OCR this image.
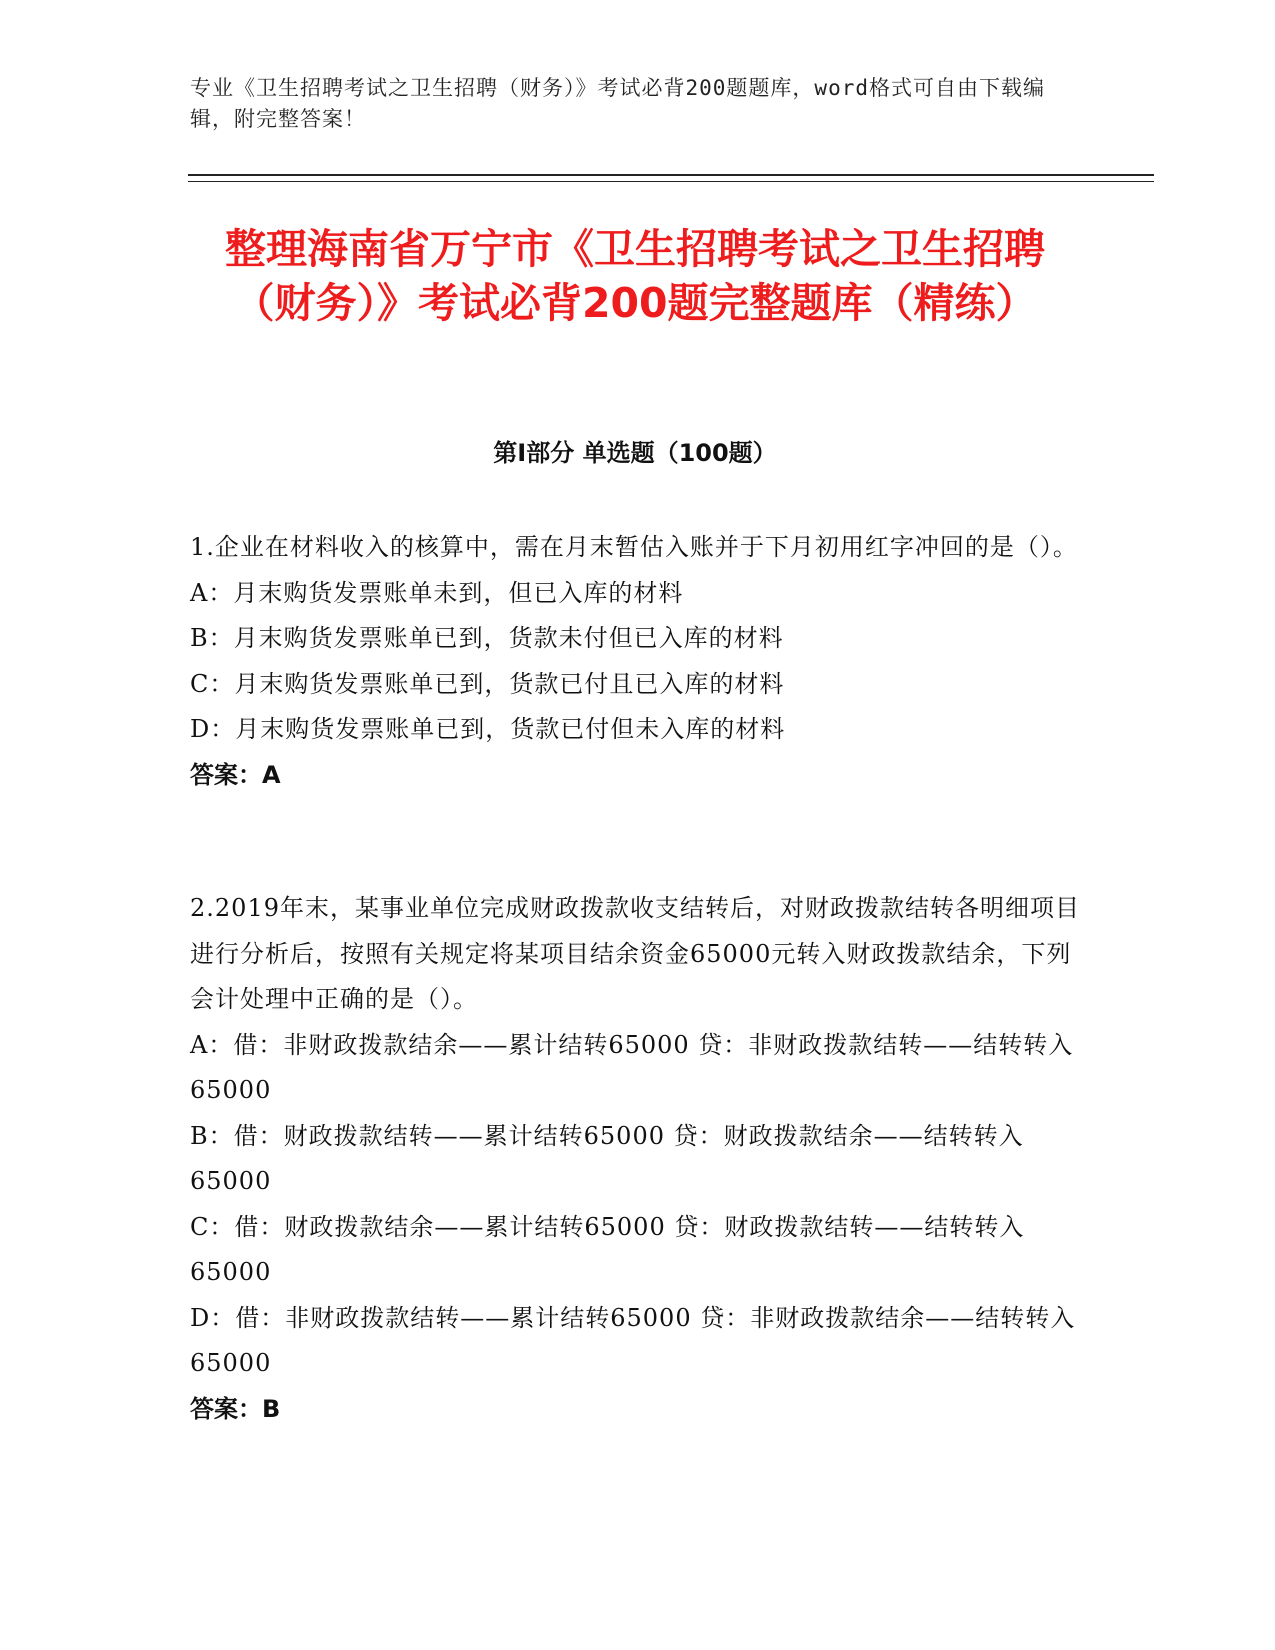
专业《卫生招聘考试之卫生招聘（财务）》考试必背200题题库，word格式可自由下载编辑，附完整答案！
整理海南省万宁市《卫生招聘考试之卫生招聘（财务）》考试必背200题完整题库（精练）
第I部分 单选题（100题）

1.企业在材料收入的核算中，需在月末暂估入账并于下月初用红字冲回的是（）。

A：月末购货发票账单未到，但已入库的材料

B：月末购货发票账单已到，货款未付但已入库的材料

C：月末购货发票账单已到，货款已付且已入库的材料

D：月末购货发票账单已到，货款已付但未入库的材料

答案：A

2.2019年末，某事业单位完成财政拨款收支结转后，对财政拨款结转各明细项目进行分析后，按照有关规定将某项目结余资金65000元转入财政拨款结余，下列会计处理中正确的是（）。

A：借：非财政拨款结余——累计结转65000 贷：非财政拨款结转——结转转入65000

B：借：财政拨款结转——累计结转65000 贷：财政拨款结余——结转转入65000

C：借：财政拨款结余——累计结转65000 贷：财政拨款结转——结转转入65000

D：借：非财政拨款结转——累计结转65000 贷：非财政拨款结余——结转转入65000

答案：B
